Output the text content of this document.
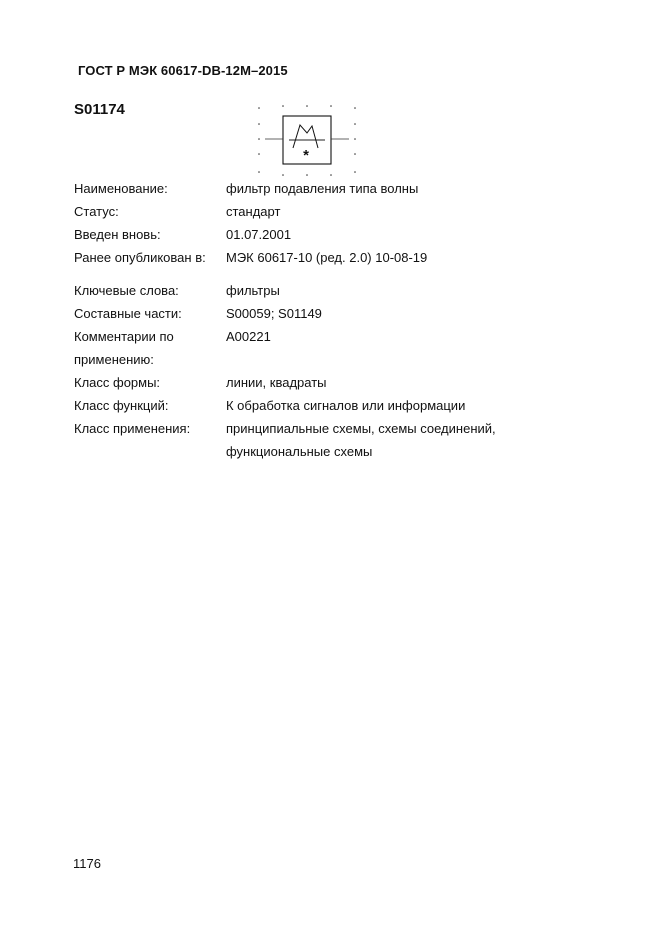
ГОСТ Р МЭК 60617-DB-12M–2015
S01174
*
Наименование:	фильтр подавления типа волны
Статус:	стандарт
Введен вновь:	01.07.2001
Ранее опубликован в:	МЭК 60617-10 (ред. 2.0) 10-08-19
Ключевые слова:	фильтры
Составные части:	S00059; S01149
Комментарии по	A00221
применению:
Класс формы:	линии, квадраты
Класс функций:	К обработка сигналов или информации
Класс применения:	принципиальные схемы, схемы соединений,
функциональные схемы
1176
